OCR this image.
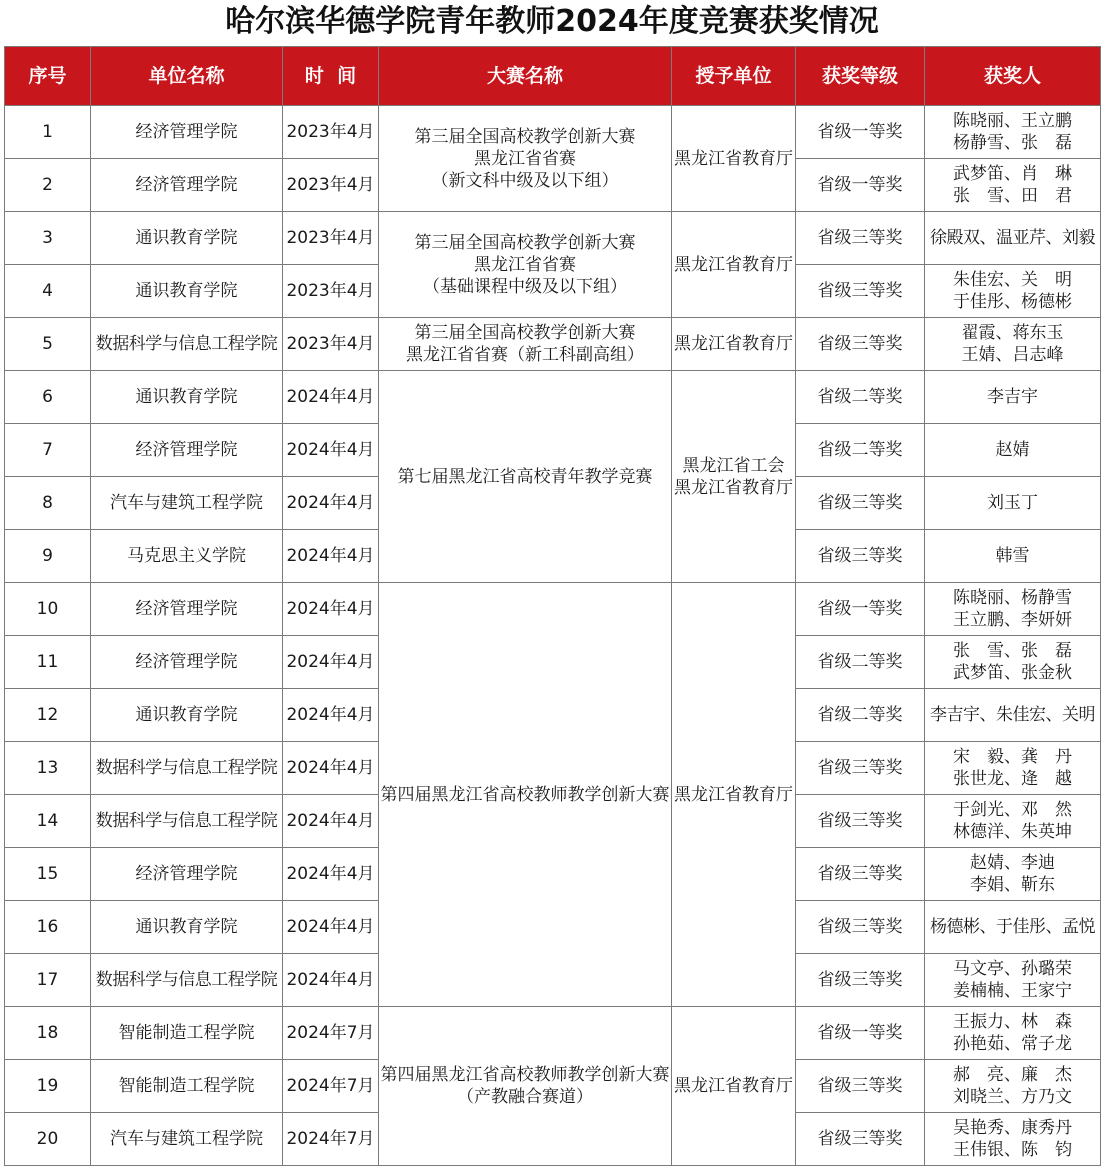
哈尔滨华德学院青年教师2024年度竞赛获奖情况
序号	单位名称	时  间	大赛名称	授予单位	获奖等级	获奖人
1	经济管理学院	2023年4月	第三届全国高校教学创新大赛
黑龙江省省赛
（新文科中级及以下组）	黑龙江省教育厅	省级一等奖	陈晓丽、王立鹏
杨静雪、张　磊

2	经济管理学院	2023年4月			省级一等奖	武梦笛、肖　琳
张　雪、田　君

3	通识教育学院	2023年4月	第三届全国高校教学创新大赛
黑龙江省省赛
（基础课程中级及以下组）	黑龙江省教育厅	省级三等奖	徐殿双、温亚芹、刘毅

4	通识教育学院	2023年4月			省级三等奖	朱佳宏、关　明
于佳彤、杨德彬

5	数据科学与信息工程学院	2023年4月	第三届全国高校教学创新大赛
黑龙江省省赛（新工科副高组）	黑龙江省教育厅	省级三等奖	翟霞、蒋东玉
王婧、吕志峰

6	通识教育学院	2024年4月	第七届黑龙江省高校青年教学竞赛	黑龙江省工会
黑龙江省教育厅	省级二等奖	李吉宇

7	经济管理学院	2024年4月			省级二等奖	赵婧

8	汽车与建筑工程学院	2024年4月			省级三等奖	刘玉丁

9	马克思主义学院	2024年4月			省级三等奖	韩雪

10	经济管理学院	2024年4月	第四届黑龙江省高校教师教学创新大赛	黑龙江省教育厅	省级一等奖	陈晓丽、杨静雪
王立鹏、李妍妍

11	经济管理学院	2024年4月			省级二等奖	张　雪、张　磊
武梦笛、张金秋

12	通识教育学院	2024年4月			省级二等奖	李吉宇、朱佳宏、关明

13	数据科学与信息工程学院	2024年4月			省级三等奖	宋　毅、龚　丹
张世龙、逄　越

14	数据科学与信息工程学院	2024年4月			省级三等奖	于剑光、邓　然
林德洋、朱英坤

15	经济管理学院	2024年4月			省级三等奖	赵婧、李迪
李娟、靳东

16	通识教育学院	2024年4月			省级三等奖	杨德彬、于佳彤、孟悦

17	数据科学与信息工程学院	2024年4月			省级三等奖	马文亭、孙璐荣
姜楠楠、王家宁

18	智能制造工程学院	2024年7月	第四届黑龙江省高校教师教学创新大赛
（产教融合赛道）	黑龙江省教育厅	省级一等奖	王振力、林　森
孙艳茹、常子龙

19	智能制造工程学院	2024年7月			省级三等奖	郝　亮、廉　杰
刘晓兰、方乃文

20	汽车与建筑工程学院	2024年7月			省级三等奖	吴艳秀、康秀丹
王伟银、陈　钧
